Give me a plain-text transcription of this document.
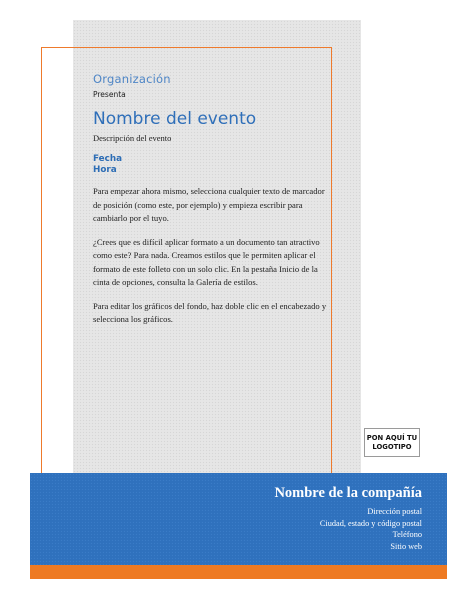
Organización
Presenta
Nombre del evento
Descripción del evento
Fecha
Hora

Para empezar ahora mismo, selecciona cualquier texto de marcador de posición (como este, por ejemplo) y empieza escribir para cambiarlo por el tuyo.

¿Crees que es difícil aplicar formato a un documento tan atractivo como este? Para nada. Creamos estilos que le permiten aplicar el formato de este folleto con un solo clic. En la pestaña Inicio de la cinta de opciones, consulta la Galería de estilos.

Para editar los gráficos del fondo, haz doble clic en el encabezado y selecciona los gráficos.

PON AQUÍ TU LOGOTIPO
Nombre de la compañía
Dirección postal
Ciudad, estado y código postal
Teléfono
Sitio web
